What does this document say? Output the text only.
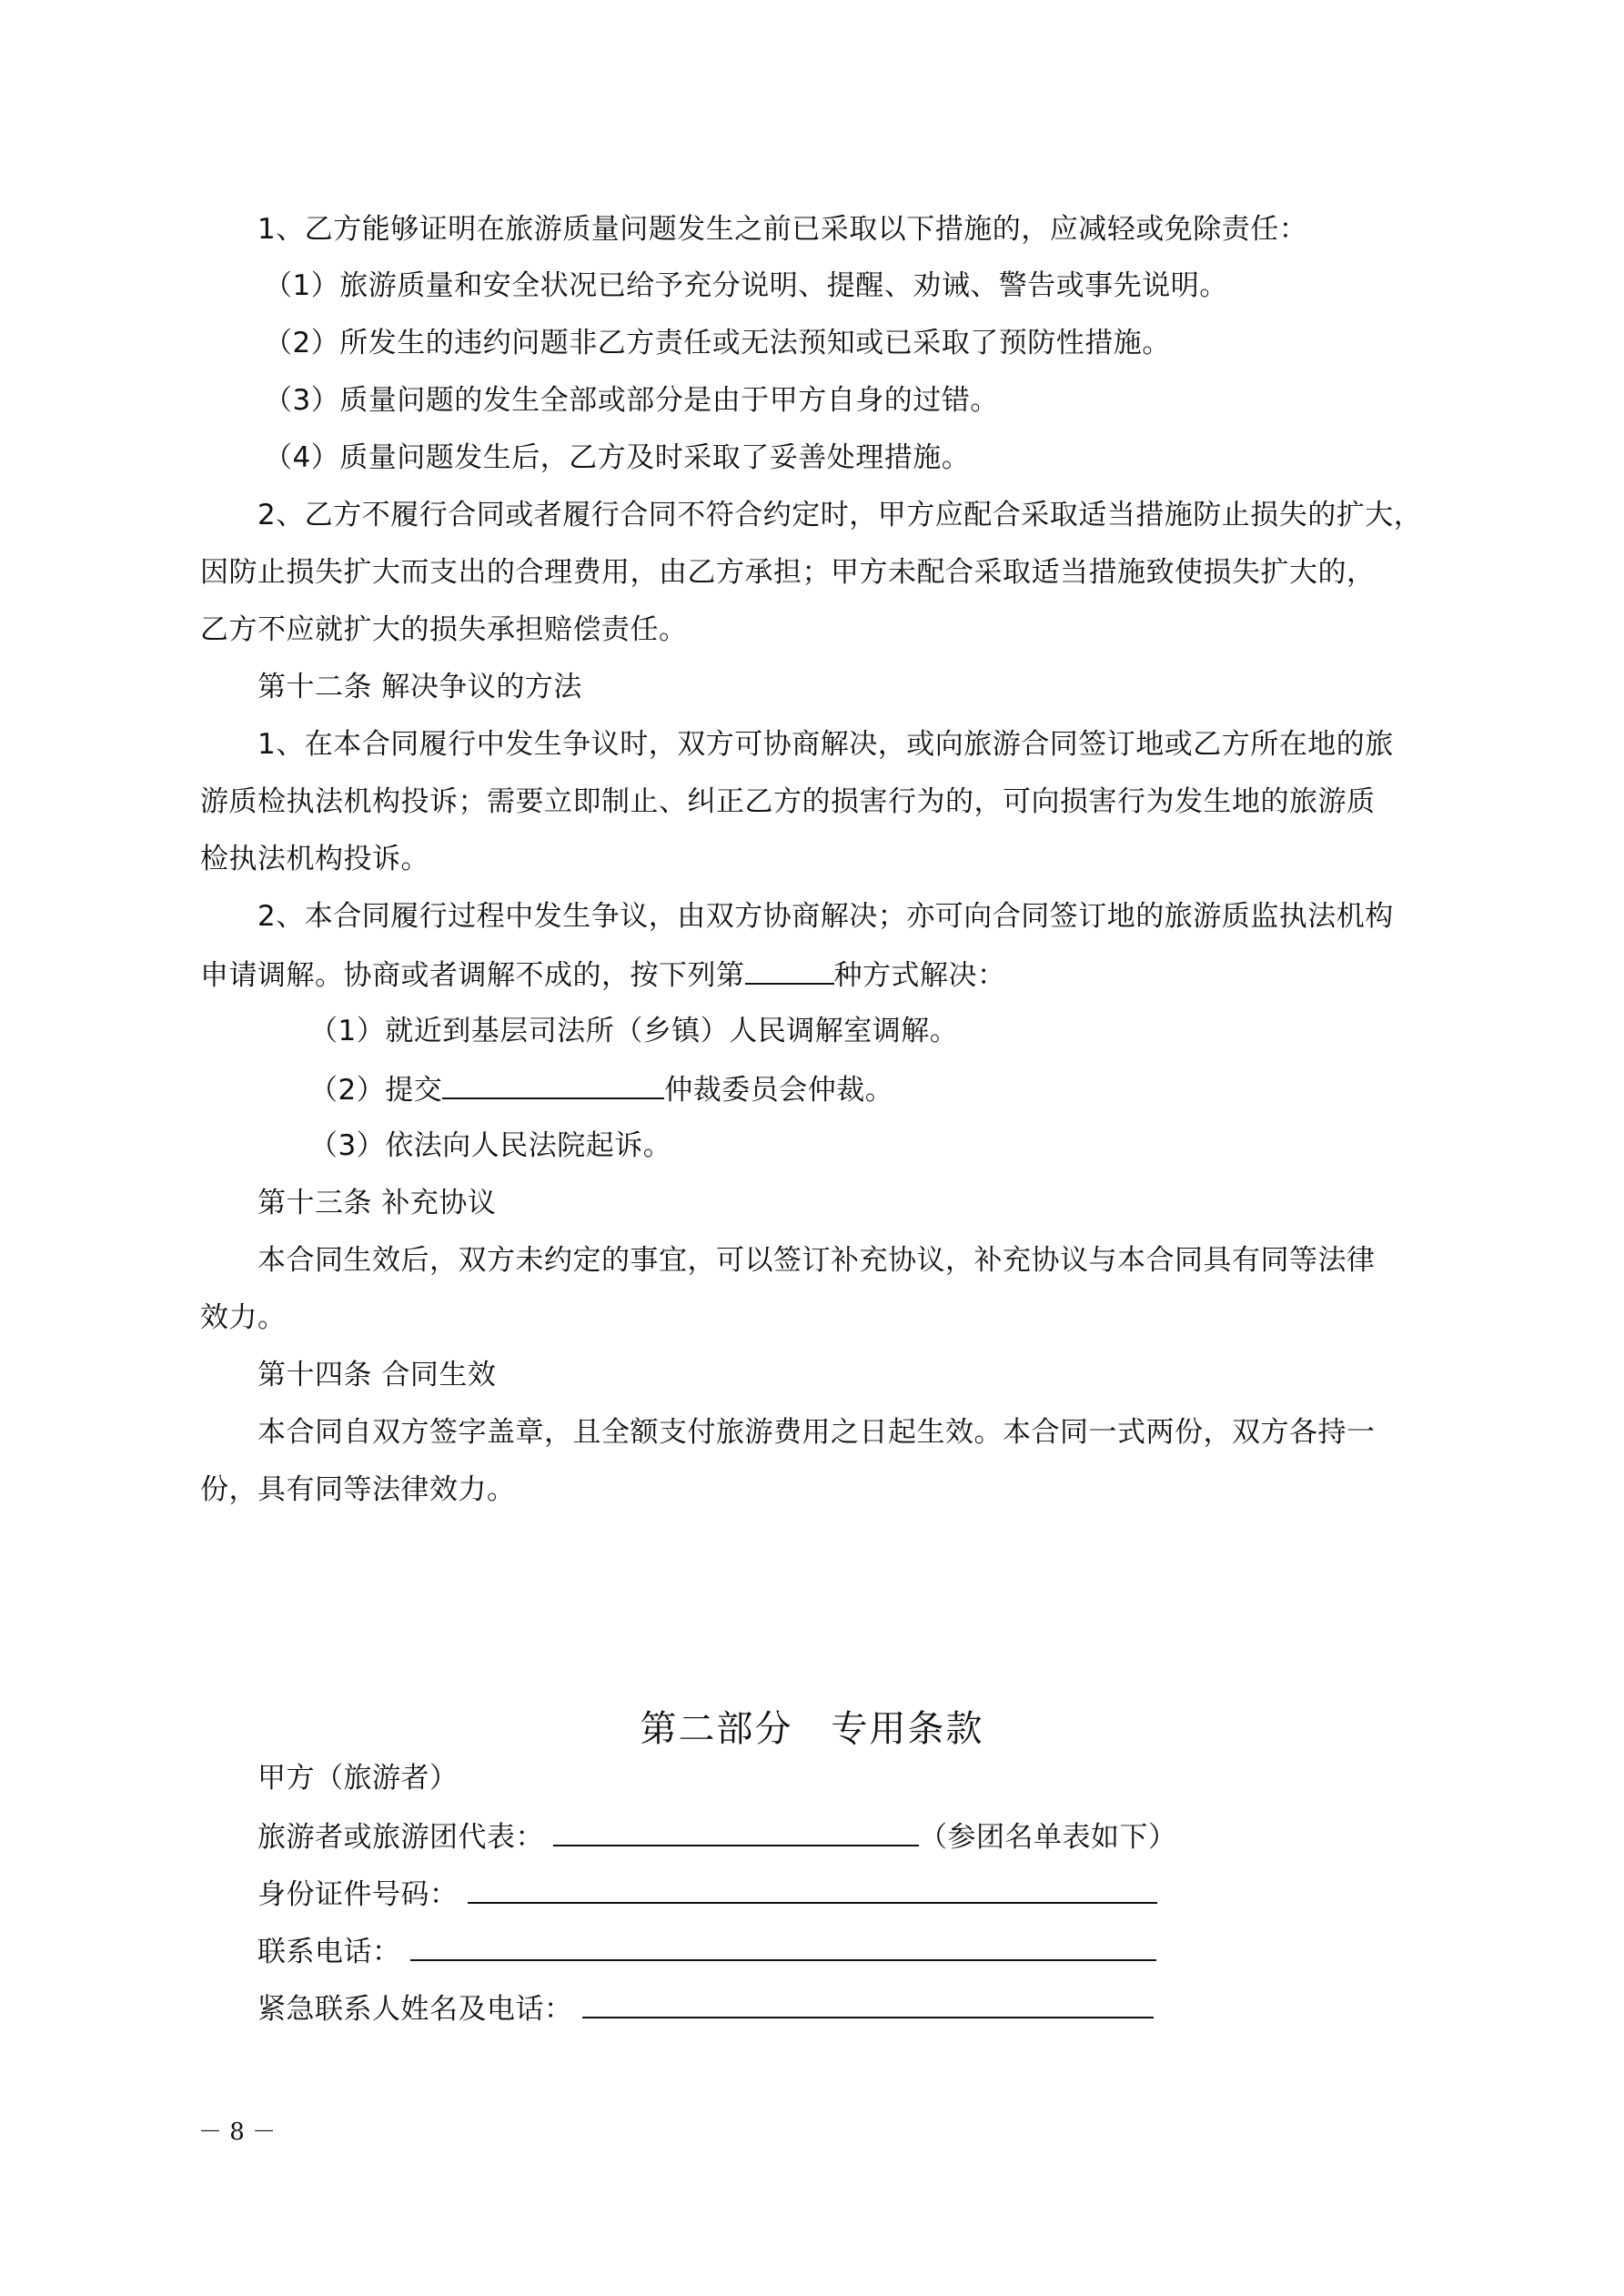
1、乙方能够证明在旅游质量问题发生之前已采取以下措施的，应减轻或免除责任：
（1）旅游质量和安全状况已给予充分说明、提醒、劝诫、警告或事先说明。
（2）所发生的违约问题非乙方责任或无法预知或已采取了预防性措施。
（3）质量问题的发生全部或部分是由于甲方自身的过错。
（4）质量问题发生后，乙方及时采取了妥善处理措施。
2、乙方不履行合同或者履行合同不符合约定时，甲方应配合采取适当措施防止损失的扩大，
因防止损失扩大而支出的合理费用，由乙方承担；甲方未配合采取适当措施致使损失扩大的，
乙方不应就扩大的损失承担赔偿责任。
第十二条 解决争议的方法
1、在本合同履行中发生争议时，双方可协商解决，或向旅游合同签订地或乙方所在地的旅
游质检执法机构投诉；需要立即制止、纠正乙方的损害行为的，可向损害行为发生地的旅游质
检执法机构投诉。
2、本合同履行过程中发生争议，由双方协商解决；亦可向合同签订地的旅游质监执法机构
申请调解。协商或者调解不成的，按下列第	种方式解决：
（1）就近到基层司法所（乡镇）人民调解室调解。
（2）提交	仲裁委员会仲裁。
（3）依法向人民法院起诉。
第十三条 补充协议
本合同生效后，双方未约定的事宜，可以签订补充协议，补充协议与本合同具有同等法律
效力。
第十四条 合同生效
本合同自双方签字盖章，且全额支付旅游费用之日起生效。本合同一式两份，双方各持一
份，具有同等法律效力。
第二部分　专用条款
甲方（旅游者）
旅游者或旅游团代表：	（参团名单表如下）
身份证件号码：
联系电话：
紧急联系人姓名及电话：
－ 8 －
